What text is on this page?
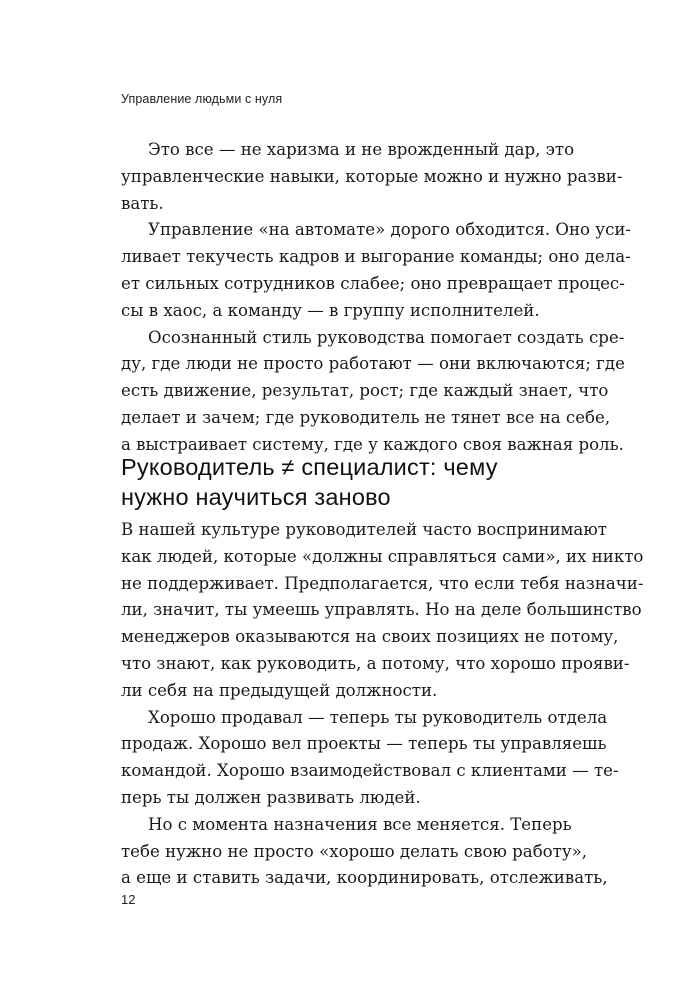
Управление людьми с нуля
Это все — не харизма и не врожденный дар, это
управленческие навыки, которые можно и нужно разви-
вать.
Управление «на автомате» дорого обходится. Оно уси-
ливает текучесть кадров и выгорание команды; оно дела-
ет сильных сотрудников слабее; оно превращает процес-
сы в хаос, а команду — в группу исполнителей.
Осознанный стиль руководства помогает создать сре-
ду, где люди не просто работают — они включаются; где
есть движение, результат, рост; где каждый знает, что
делает и зачем; где руководитель не тянет все на себе,
а выстраивает систему, где у каждого своя важная роль.
Руководитель ≠ специалист: чему
нужно научиться заново
В нашей культуре руководителей часто воспринимают
как людей, которые «должны справляться сами», их никто
не поддерживает. Предполагается, что если тебя назначи-
ли, значит, ты умеешь управлять. Но на деле большинство
менеджеров оказываются на своих позициях не потому,
что знают, как руководить, а потому, что хорошо прояви-
ли себя на предыдущей должности.
Хорошо продавал — теперь ты руководитель отдела
продаж. Хорошо вел проекты — теперь ты управляешь
командой. Хорошо взаимодействовал с клиентами — те-
перь ты должен развивать людей.
Но с момента назначения все меняется. Теперь
тебе нужно не просто «хорошо делать свою работу»,
а еще и ставить задачи, координировать, отслеживать,
12
